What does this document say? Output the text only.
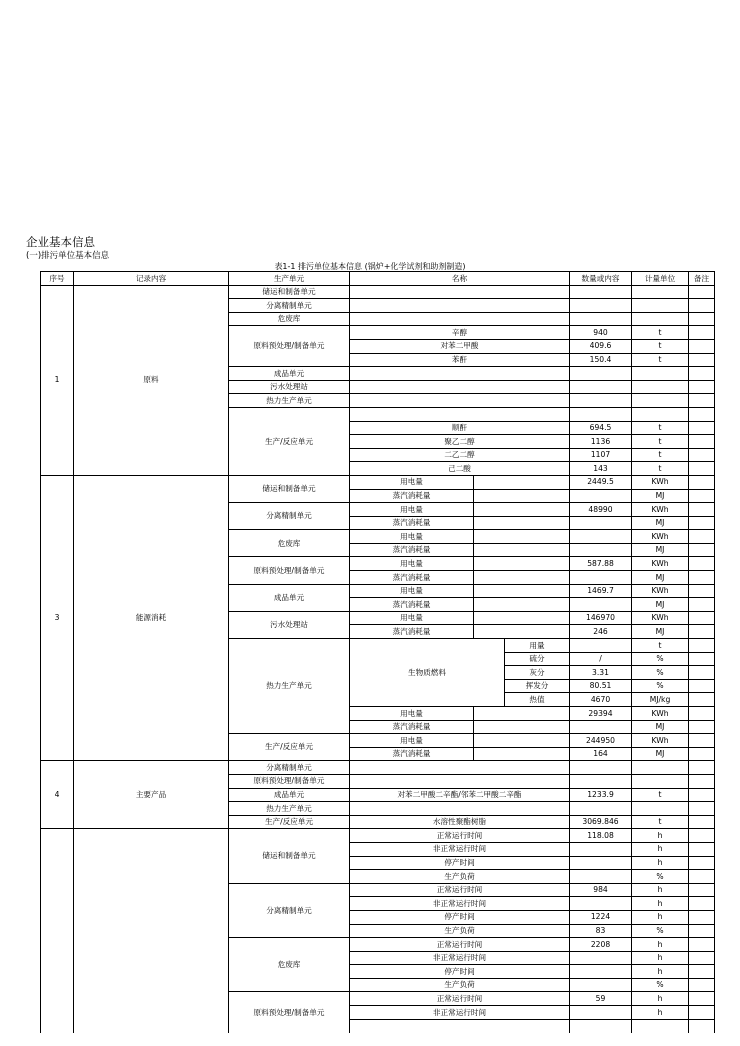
企业基本信息
(一)排污单位基本信息
表1-1 排污单位基本信息 (锅炉+化学试剂和助剂制造)
序号	记录内容	生产单元	名称			数量或内容	计量单位	备注
1	原料	储运和制备单元						
		分离精制单元						
		危废库						
		原料预处理/制备单元	辛醇			940	t	
			对苯二甲酸			409.6	t	
			苯酐			150.4	t	
		成品单元						
		污水处理站						
		热力生产单元						
		生产/反应单元						
			顺酐			694.5	t	
			聚乙二醇			1136	t	
			二乙二醇			1107	t	
			己二酸			143	t	
3	能源消耗	储运和制备单元	用电量			2449.5	KWh	
			蒸汽消耗量				MJ	
		分离精制单元	用电量			48990	KWh	
			蒸汽消耗量				MJ	
		危废库	用电量				KWh	
			蒸汽消耗量				MJ	
		原料预处理/制备单元	用电量			587.88	KWh	
			蒸汽消耗量				MJ	
		成品单元	用电量			1469.7	KWh	
			蒸汽消耗量				MJ	
		污水处理站	用电量			146970	KWh	
			蒸汽消耗量			246	MJ	
		热力生产单元	生物质燃料		用量		t	
					硫分	/	%	
					灰分	3.31	%	
					挥发分	80.51	%	
					热值	4670	MJ/kg	
			用电量			29394	KWh	
			蒸汽消耗量				MJ	
		生产/反应单元	用电量			244950	KWh	
			蒸汽消耗量			164	MJ	
4	主要产品	分离精制单元						
		原料预处理/制备单元						
		成品单元	对苯二甲酸二辛酯/邻苯二甲酸二辛酯			1233.9	t	
		热力生产单元						
		生产/反应单元	水溶性聚酯树脂			3069.846	t	
		储运和制备单元	正常运行时间			118.08	h	
			非正常运行时间				h	
			停产时间				h	
			生产负荷				%	
		分离精制单元	正常运行时间			984	h	
			非正常运行时间				h	
			停产时间			1224	h	
			生产负荷			83	%	
		危废库	正常运行时间			2208	h	
			非正常运行时间				h	
			停产时间				h	
			生产负荷				%	
		原料预处理/制备单元	正常运行时间			59	h	
			非正常运行时间				h	
